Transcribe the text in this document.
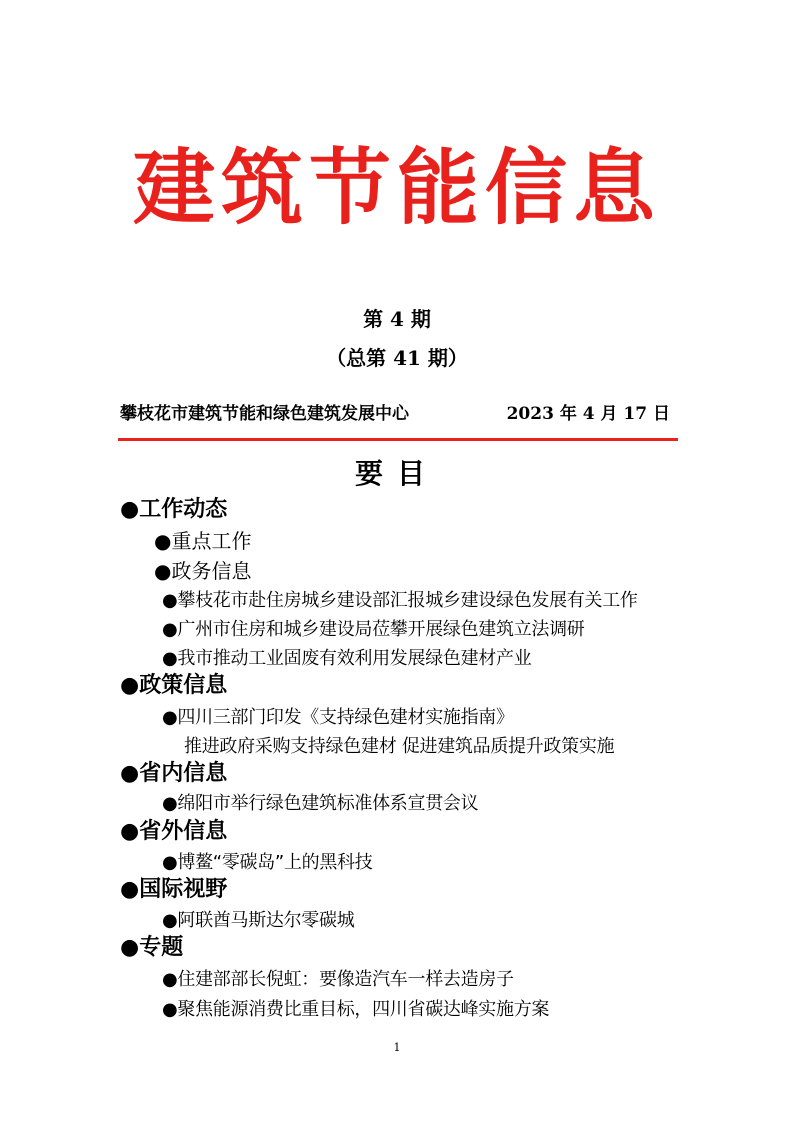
建筑节能信息
第 4 期
（总第 41 期）
攀枝花市建筑节能和绿色建筑发展中心	2023 年 4 月 17 日
要目
●工作动态
●重点工作
●政务信息
●攀枝花市赴住房城乡建设部汇报城乡建设绿色发展有关工作
●广州市住房和城乡建设局莅攀开展绿色建筑立法调研
●我市推动工业固废有效利用发展绿色建材产业
●政策信息
●四川三部门印发《支持绿色建材实施指南》
推进政府采购支持绿色建材 促进建筑品质提升政策实施
●省内信息
●绵阳市举行绿色建筑标准体系宣贯会议
●省外信息
●博鳌“零碳岛”上的黑科技
●国际视野
●阿联酋马斯达尔零碳城
●专题
●住建部部长倪虹：要像造汽车一样去造房子
●聚焦能源消费比重目标，四川省碳达峰实施方案
1
